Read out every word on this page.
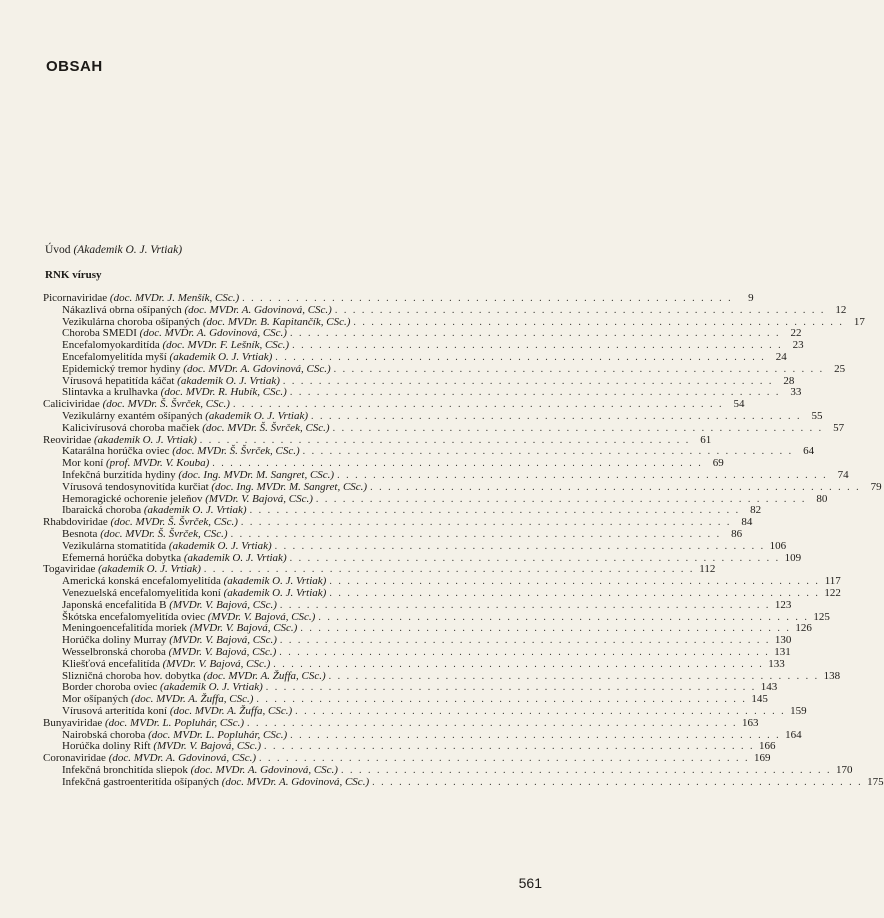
OBSAH
Úvod (Akademik O. J. Vrtiak)
RNK vírusy
Picornaviridae (doc. MVDr. J. Menšík, CSc.) . . . . . . . . . . . . . . . . . . . . . . . . . . . . . . . . . . . . . . . . . . . . . . . . . . . . . . .	9
Nákazlivá obrna ošípaných (doc. MVDr. A. Gdovinová, CSc.) . . . . . . . . . . . . . . . . . . . . . . . . . . . . . . . . . . . . . . . . . . . . . . . . . . . . . . . 12
Vezikulárna choroba ošípaných (doc. MVDr. B. Kapitančík, CSc.) . . . . . . . . . . . . . . . . . . . . . . . . . . . . . . . . . . . . . . . . . . . . . . . . . . . . . . . 17
Choroba SMEDI (doc. MVDr. A. Gdovinová, CSc.) . . . . . . . . . . . . . . . . . . . . . . . . . . . . . . . . . . . . . . . . . . . . . . . . . . . . . . . 22
Encefalomyokarditída (doc. MVDr. F. Lešník, CSc.) . . . . . . . . . . . . . . . . . . . . . . . . . . . . . . . . . . . . . . . . . . . . . . . . . . . . . . . 23
Encefalomyelitída myší (akademik O. J. Vrtiak) . . . . . . . . . . . . . . . . . . . . . . . . . . . . . . . . . . . . . . . . . . . . . . . . . . . . . . . 24
Epidemický tremor hydiny (doc. MVDr. A. Gdovinová, CSc.) . . . . . . . . . . . . . . . . . . . . . . . . . . . . . . . . . . . . . . . . . . . . . . . . . . . . . . . 25
Vírusová hepatitída káčat (akademik O. J. Vrtiak) . . . . . . . . . . . . . . . . . . . . . . . . . . . . . . . . . . . . . . . . . . . . . . . . . . . . . . . 28
Slintavka a krulhavka (doc. MVDr. R. Hubík, CSc.) . . . . . . . . . . . . . . . . . . . . . . . . . . . . . . . . . . . . . . . . . . . . . . . . . . . . . . . 33
Caliciviridae (doc. MVDr. Š. Švrček, CSc.) . . . . . . . . . . . . . . . . . . . . . . . . . . . . . . . . . . . . . . . . . . . . . . . . . . . . . . . 54
Vezikulárny exantém ošípaných (akademik O. J. Vrtiak) . . . . . . . . . . . . . . . . . . . . . . . . . . . . . . . . . . . . . . . . . . . . . . . . . . . . . . . 55
Kalicivírusová choroba mačiek (doc. MVDr. Š. Švrček, CSc.) . . . . . . . . . . . . . . . . . . . . . . . . . . . . . . . . . . . . . . . . . . . . . . . . . . . . . . . 57
Reoviridae (akademik O. J. Vrtiak) . . . . . . . . . . . . . . . . . . . . . . . . . . . . . . . . . . . . . . . . . . . . . . . . . . . . . . . 61
Katarálna horúčka oviec (doc. MVDr. Š. Švrček, CSc.) . . . . . . . . . . . . . . . . . . . . . . . . . . . . . . . . . . . . . . . . . . . . . . . . . . . . . . . 64
Mor koní (prof. MVDr. V. Kouba) . . . . . . . . . . . . . . . . . . . . . . . . . . . . . . . . . . . . . . . . . . . . . . . . . . . . . . . 69
Infekčná burzitída hydiny (doc. Ing. MVDr. M. Sangret, CSc.) . . . . . . . . . . . . . . . . . . . . . . . . . . . . . . . . . . . . . . . . . . . . . . . . . . . . . . . 74
Vírusová tendosynovitída kurčiat (doc. Ing. MVDr. M. Sangret, CSc.) . . . . . . . . . . . . . . . . . . . . . . . . . . . . . . . . . . . . . . . . . . . . . . . . . . . . . . . 79
Hemoragické ochorenie jeleňov (MVDr. V. Bajová, CSc.) . . . . . . . . . . . . . . . . . . . . . . . . . . . . . . . . . . . . . . . . . . . . . . . . . . . . . . . 80
Ibaraická choroba (akademik O. J. Vrtiak) . . . . . . . . . . . . . . . . . . . . . . . . . . . . . . . . . . . . . . . . . . . . . . . . . . . . . . . 82
Rhabdoviridae (doc. MVDr. Š. Švrček, CSc.) . . . . . . . . . . . . . . . . . . . . . . . . . . . . . . . . . . . . . . . . . . . . . . . . . . . . . . . 84
Besnota (doc. MVDr. Š. Švrček, CSc.) . . . . . . . . . . . . . . . . . . . . . . . . . . . . . . . . . . . . . . . . . . . . . . . . . . . . . . . 86
Vezikulárna stomatitída (akademik O. J. Vrtiak) . . . . . . . . . . . . . . . . . . . . . . . . . . . . . . . . . . . . . . . . . . . . . . . . . . . . . . . 106
Efemerná horúčka dobytka (akademik O. J. Vrtiak) . . . . . . . . . . . . . . . . . . . . . . . . . . . . . . . . . . . . . . . . . . . . . . . . . . . . . . . 109
Togaviridae (akademik O. J. Vrtiak) . . . . . . . . . . . . . . . . . . . . . . . . . . . . . . . . . . . . . . . . . . . . . . . . . . . . . . . 112
Americká konská encefalomyelitída (akademik O. J. Vrtiak) . . . . . . . . . . . . . . . . . . . . . . . . . . . . . . . . . . . . . . . . . . . . . . . . . . . . . . . 117
Venezuelská encefalomyelitída koní (akademik O. J. Vrtiak) . . . . . . . . . . . . . . . . . . . . . . . . . . . . . . . . . . . . . . . . . . . . . . . . . . . . . . . 122
Japonská encefalitída B (MVDr. V. Bajová, CSc.) . . . . . . . . . . . . . . . . . . . . . . . . . . . . . . . . . . . . . . . . . . . . . . . . . . . . . . . 123
Škótska encefalomyelitída oviec (MVDr. V. Bajová, CSc.) . . . . . . . . . . . . . . . . . . . . . . . . . . . . . . . . . . . . . . . . . . . . . . . . . . . . . . . 125
Meningoencefalitída moriek (MVDr. V. Bajová, CSc.) . . . . . . . . . . . . . . . . . . . . . . . . . . . . . . . . . . . . . . . . . . . . . . . . . . . . . . . 126
Horúčka doliny Murray (MVDr. V. Bajová, CSc.) . . . . . . . . . . . . . . . . . . . . . . . . . . . . . . . . . . . . . . . . . . . . . . . . . . . . . . . 130
Wesselbronská choroba (MVDr. V. Bajová, CSc.) . . . . . . . . . . . . . . . . . . . . . . . . . . . . . . . . . . . . . . . . . . . . . . . . . . . . . . . 131
Kliešťová encefalitída (MVDr. V. Bajová, CSc.) . . . . . . . . . . . . . . . . . . . . . . . . . . . . . . . . . . . . . . . . . . . . . . . . . . . . . . . 133
Slizničná choroba hov. dobytka (doc. MVDr. A. Žuffa, CSc.) . . . . . . . . . . . . . . . . . . . . . . . . . . . . . . . . . . . . . . . . . . . . . . . . . . . . . . . 138
Border choroba oviec (akademik O. J. Vrtiak) . . . . . . . . . . . . . . . . . . . . . . . . . . . . . . . . . . . . . . . . . . . . . . . . . . . . . . . 143
Mor ošípaných (doc. MVDr. A. Žuffa, CSc.) . . . . . . . . . . . . . . . . . . . . . . . . . . . . . . . . . . . . . . . . . . . . . . . . . . . . . . . 145
Vírusová arteritída koní (doc. MVDr. A. Žuffa, CSc.) . . . . . . . . . . . . . . . . . . . . . . . . . . . . . . . . . . . . . . . . . . . . . . . . . . . . . . . 159
Bunyaviridae (doc. MVDr. L. Popluhár, CSc.) . . . . . . . . . . . . . . . . . . . . . . . . . . . . . . . . . . . . . . . . . . . . . . . . . . . . . . . 163
Nairobská choroba (doc. MVDr. L. Popluhár, CSc.) . . . . . . . . . . . . . . . . . . . . . . . . . . . . . . . . . . . . . . . . . . . . . . . . . . . . . . . 164
Horúčka doliny Rift (MVDr. V. Bajová, CSc.) . . . . . . . . . . . . . . . . . . . . . . . . . . . . . . . . . . . . . . . . . . . . . . . . . . . . . . . 166
Coronaviridae (doc. MVDr. A. Gdovinová, CSc.) . . . . . . . . . . . . . . . . . . . . . . . . . . . . . . . . . . . . . . . . . . . . . . . . . . . . . . . 169
Infekčná bronchitída sliepok (doc. MVDr. A. Gdovinová, CSc.) . . . . . . . . . . . . . . . . . . . . . . . . . . . . . . . . . . . . . . . . . . . . . . . . . . . . . . . 170
Infekčná gastroenteritída ošípaných (doc. MVDr. A. Gdovinová, CSc.) . . . . . . . . . . . . . . . . . . . . . . . . . . . . . . . . . . . . . . . . . . . . . . . . . . . . . . . 175
561
